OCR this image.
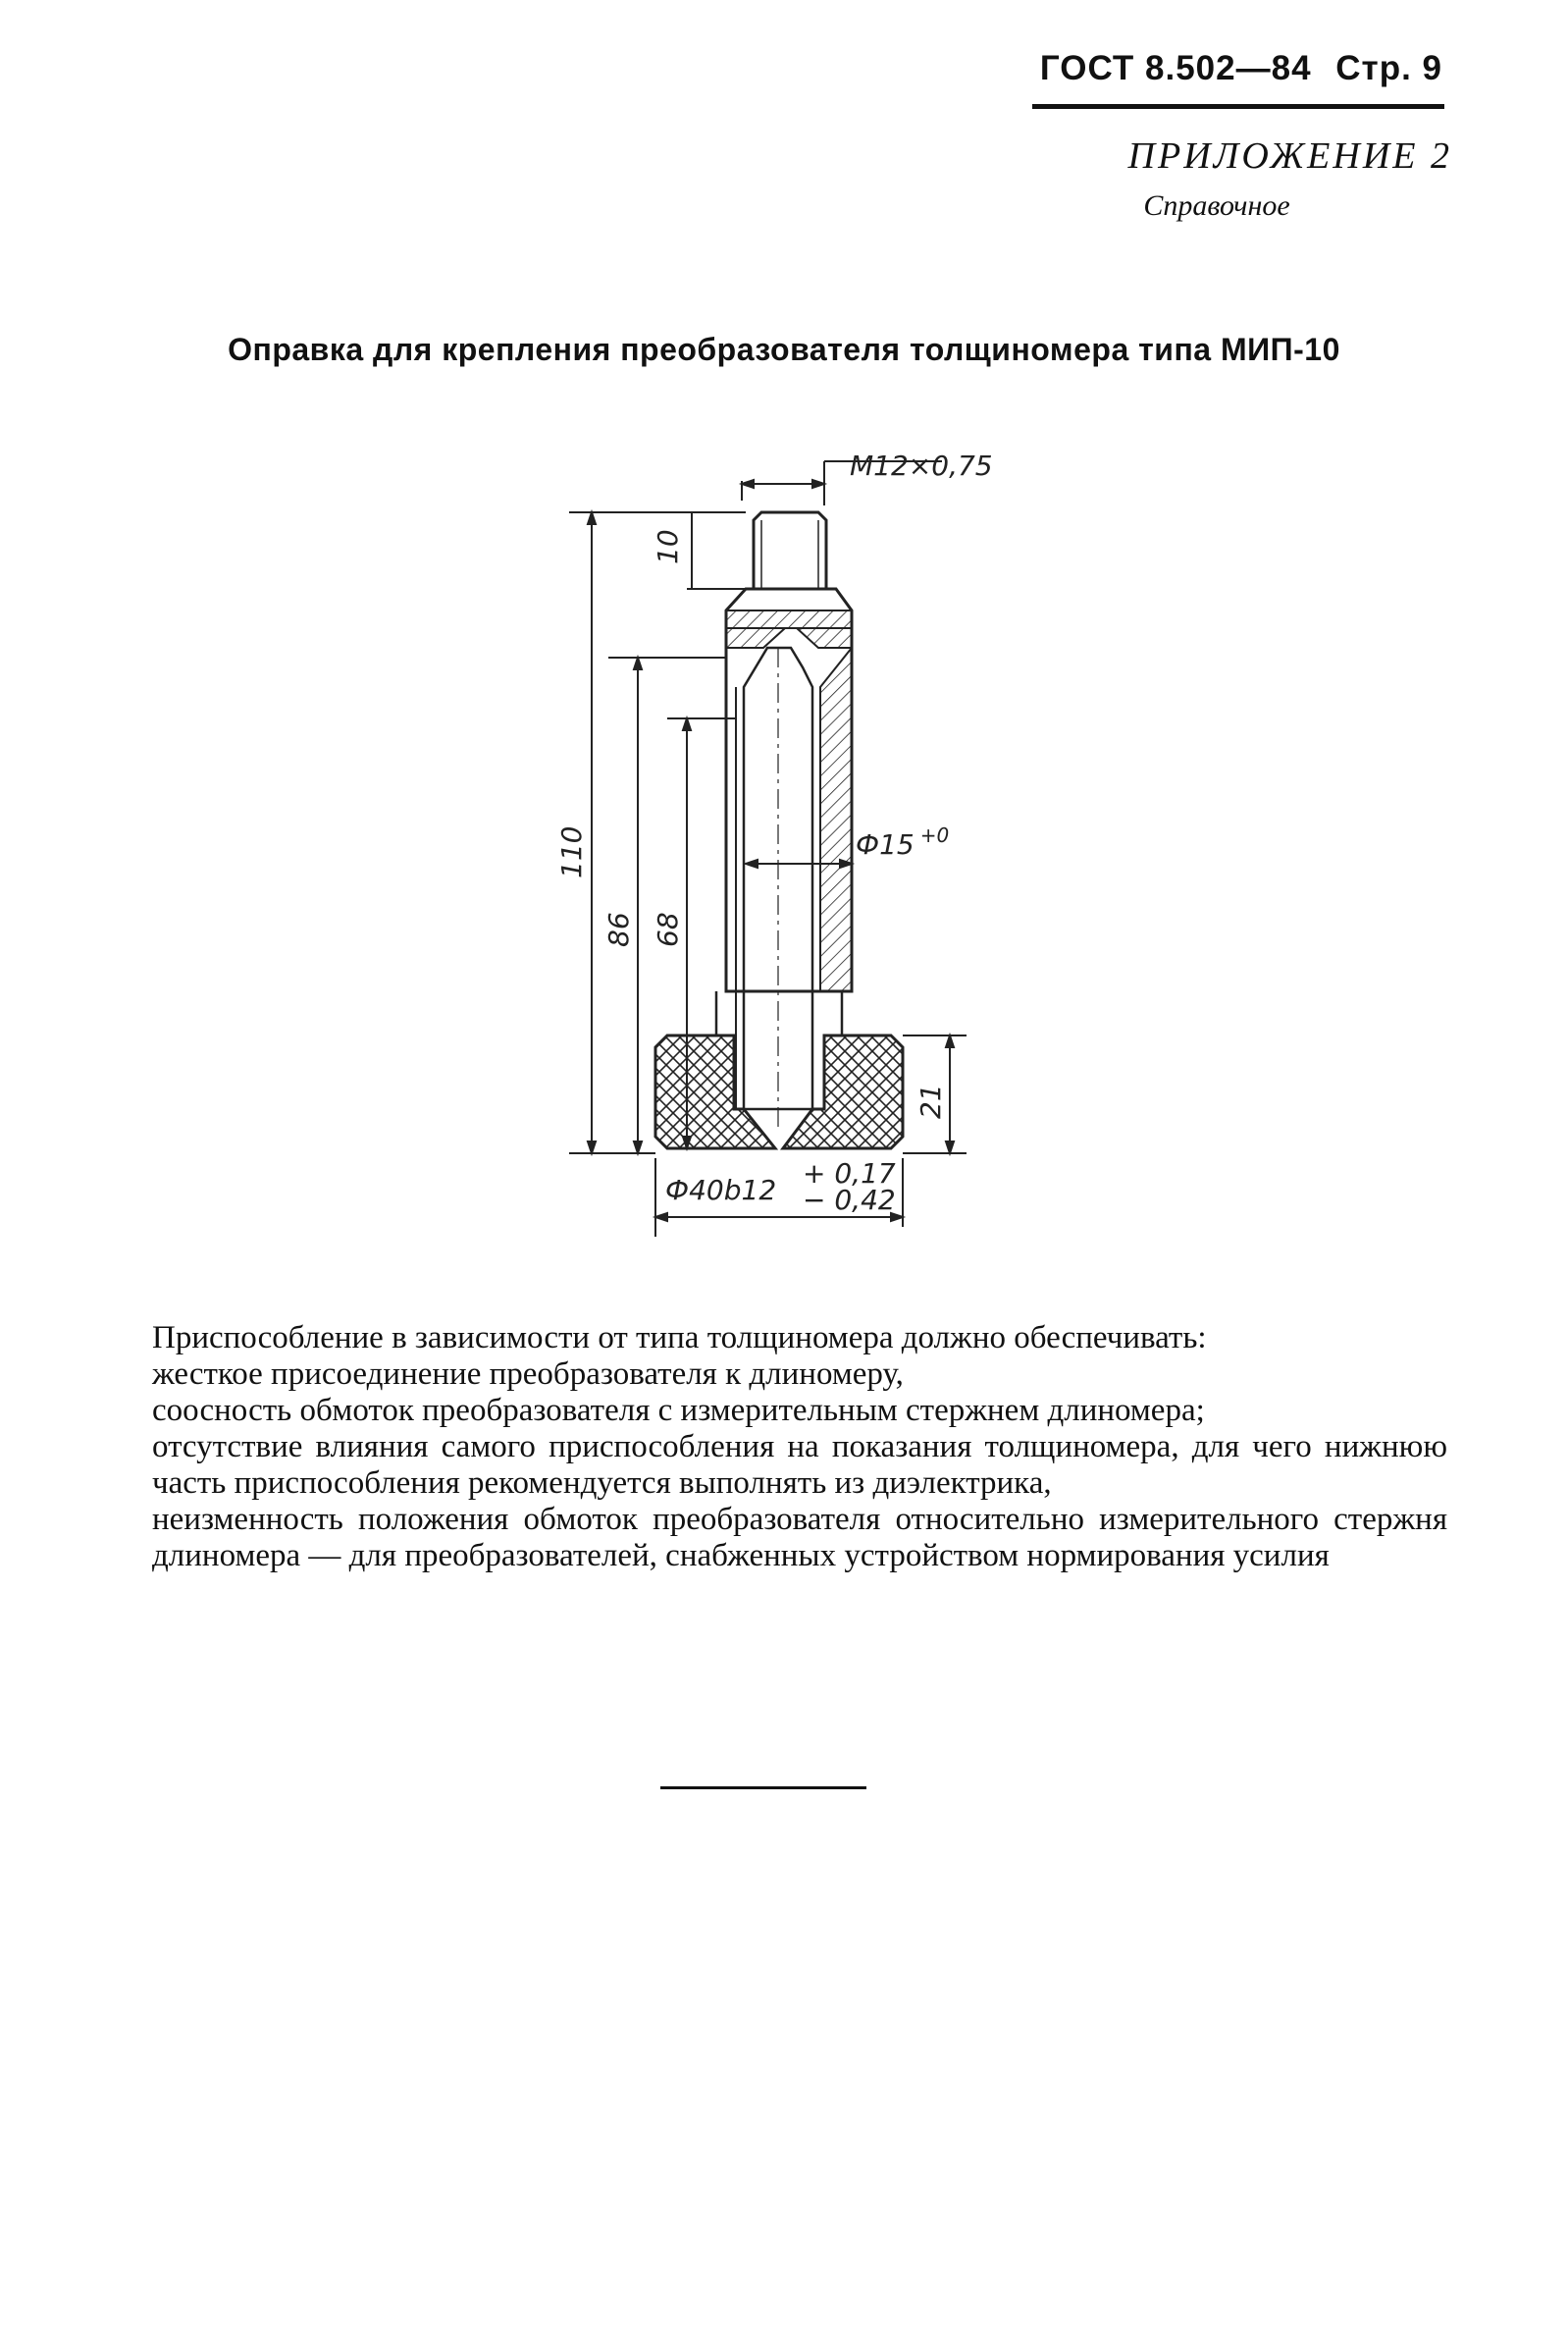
ГОСТ 8.502—84 Стр. 9
ПРИЛОЖЕНИЕ 2
Справочное
Оправка для крепления преобразователя толщиномера типа МИП-10
M12×0,75
10
110
86 68
Ф15 $^{+0}$
21
Ф40b12
+ 0,17
− 0,42

Приспособление в зависимости от типа толщиномера должно обеспечивать:

жесткое присоединение преобразователя к длиномеру,

соосность обмоток преобразователя с измерительным стержнем длиномера;

отсутствие влияния самого приспособления на показания толщиномера, для чего нижнюю часть приспособления рекомендуется выполнять из диэлектрика,

неизменность положения обмоток преобразователя относительно измерительного стержня длиномера — для преобразователей, снабженных устройством нормирования усилия
